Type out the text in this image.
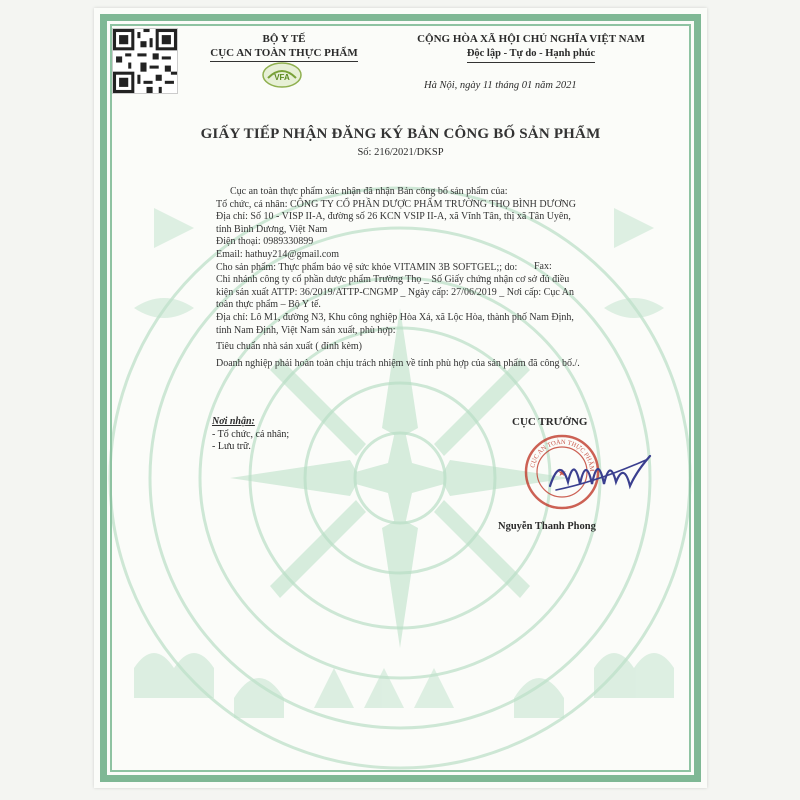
BỘ Y TẾ
CỤC AN TOÀN THỰC PHẨM
VFA
CỘNG HÒA XÃ HỘI CHỦ NGHĨA VIỆT NAM
Độc lập - Tự do - Hạnh phúc
Hà Nội, ngày 11 tháng 01 năm 2021
GIẤY TIẾP NHẬN ĐĂNG KÝ BẢN CÔNG BỐ SẢN PHẨM
Số: 216/2021/DKSP

Cục an toàn thực phẩm xác nhận đã nhận Bản công bố sản phẩm của:

Tổ chức, cá nhân: CÔNG TY CỔ PHẦN DƯỢC PHẨM TRƯỜNG THỌ BÌNH DƯƠNG

Địa chỉ: Số 10 - VISP II-A, đường số 26 KCN VSIP II-A, xã Vĩnh Tân, thị xã Tân Uyên,

tỉnh Bình Dương, Việt Nam

Điện thoại: 0989330899

Fax:

Email: hathuy214@gmail.com

Cho sản phẩm: Thực phẩm bảo vệ sức khỏe VITAMIN 3B SOFTGEL;; do:

Chi nhánh công ty cổ phần dược phẩm Trường Thọ _ Số Giấy chứng nhận cơ sở đủ điều

kiện sản xuất ATTP: 36/2019/ATTP-CNGMP _ Ngày cấp: 27/06/2019 _ Nơi cấp: Cục An

toàn thực phẩm – Bộ Y tế.

Địa chỉ: Lô M1, đường N3, Khu công nghiệp Hòa Xá, xã Lộc Hòa, thành phố Nam Định,

tỉnh Nam Định, Việt Nam sản xuất, phù hợp:

Tiêu chuẩn nhà sản xuất ( đính kèm)

Doanh nghiệp phải hoàn toàn chịu trách nhiệm về tính phù hợp của sản phẩm đã công bố./.

Nơi nhận:
- Tổ chức, cá nhân;
- Lưu trữ.
CỤC TRƯỞNG
CỤC AN TOÀN THỰC PHẨM
★
Nguyễn Thanh Phong
